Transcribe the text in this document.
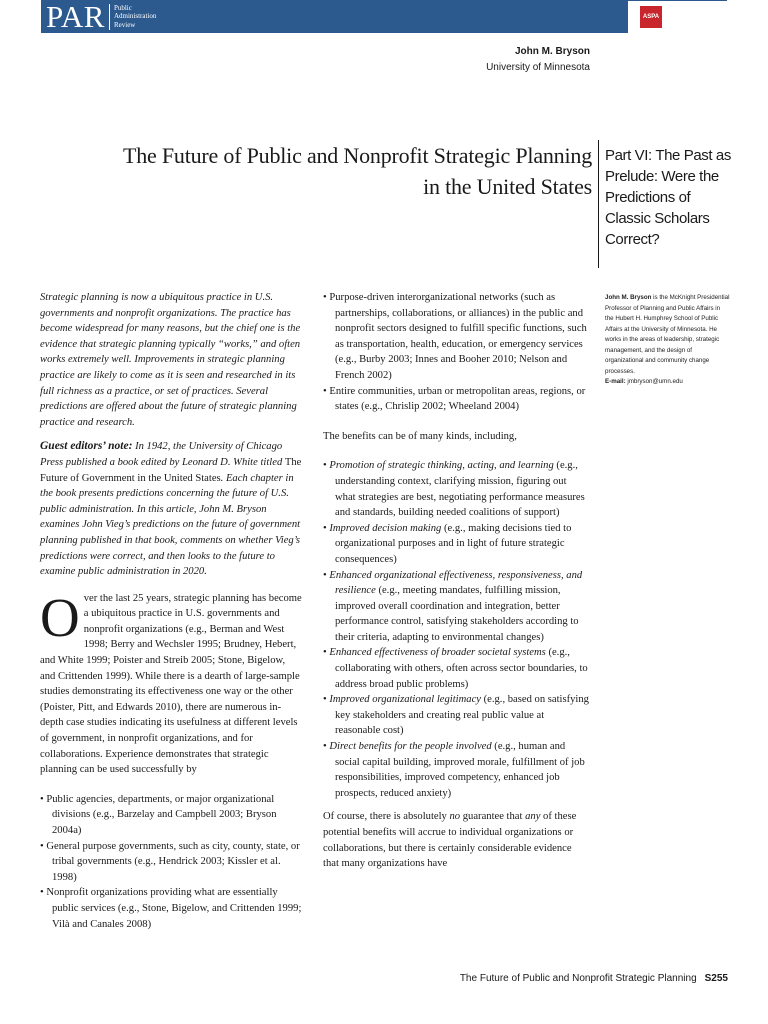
PAR Public
Administration
Review
ASPA
John M. Bryson
University of Minnesota
The Future of Public and Nonprofit Strategic Planning
in the United States
Part VI: The Past as Prelude: Were the Predictions of Classic Scholars Correct?
John M. Bryson is the McKnight Presidential Professor of Planning and Public Affairs in the Hubert H. Humphrey School of Public Affairs at the University of Minnesota. He works in the areas of leadership, strategic management, and the design of organizational and community change processes.
E-mail: jmbryson@umn.edu

Strategic planning is now a ubiquitous practice in U.S. governments and nonprofit organizations. The practice has become widespread for many reasons, but the chief one is the evidence that strategic planning typically “works,” and often works extremely well. Improvements in strategic planning practice are likely to come as it is seen and researched in its full richness as a practice, or set of practices. Several predictions are offered about the future of strategic planning practice and research.

Guest editors’ note: In 1942, the University of Chicago Press published a book edited by Leonard D. White titled The Future of Government in the United States. Each chapter in the book presents predictions concerning the future of U.S. public administration. In this article, John M. Bryson examines John Vieg’s predictions on the future of government planning published in that book, comments on whether Vieg’s predictions were correct, and then looks to the future to examine public administration in 2020.

Over the last 25 years, strategic planning has become a ubiquitous practice in U.S. governments and nonprofit organizations (e.g., Berman and West 1998; Berry and Wechsler 1995; Brudney, Hebert, and White 1999; Poister and Streib 2005; Stone, Bigelow, and Crittenden 1999). While there is a dearth of large-sample studies demonstrating its effectiveness one way or the other (Poister, Pitt, and Edwards 2010), there are numerous in-depth case studies indicating its usefulness at different levels of government, in nonprofit organizations, and for collaborations. Experience demonstrates that strategic planning can be used successfully by

• Public agencies, departments, or major organizational divisions (e.g., Barzelay and Campbell 2003; Bryson 2004a)

• General purpose governments, such as city, county, state, or tribal governments (e.g., Hendrick 2003; Kissler et al. 1998)

• Nonprofit organizations providing what are essentially public services (e.g., Stone, Bigelow, and Crittenden 1999; Vilà and Canales 2008)

• Purpose-driven interorganizational networks (such as partnerships, collaborations, or alliances) in the public and nonprofit sectors designed to fulfill specific functions, such as transportation, health, education, or emergency services (e.g., Burby 2003; Innes and Booher 2010; Nelson and French 2002)

• Entire communities, urban or metropolitan areas, regions, or states (e.g., Chrislip 2002; Wheeland 2004)

The benefits can be of many kinds, including,

• Promotion of strategic thinking, acting, and learning (e.g., understanding context, clarifying mission, figuring out what strategies are best, negotiating performance measures and standards, building needed coalitions of support)

• Improved decision making (e.g., making decisions tied to organizational purposes and in light of future strategic consequences)

• Enhanced organizational effectiveness, responsiveness, and resilience (e.g., meeting mandates, fulfilling mission, improved overall coordination and integration, better performance control, satisfying stakeholders according to their criteria, adapting to environmental changes)

• Enhanced effectiveness of broader societal systems (e.g., collaborating with others, often across sector boundaries, to address broad public problems)

• Improved organizational legitimacy (e.g., based on satisfying key stakeholders and creating real public value at reasonable cost)

• Direct benefits for the people involved (e.g., human and social capital building, improved morale, fulfillment of job responsibilities, improved competency, enhanced job prospects, reduced anxiety)

Of course, there is absolutely no guarantee that any of these potential benefits will accrue to individual organizations or collaborations, but there is certainly considerable evidence that many organizations have

The Future of Public and Nonprofit Strategic Planning S255
